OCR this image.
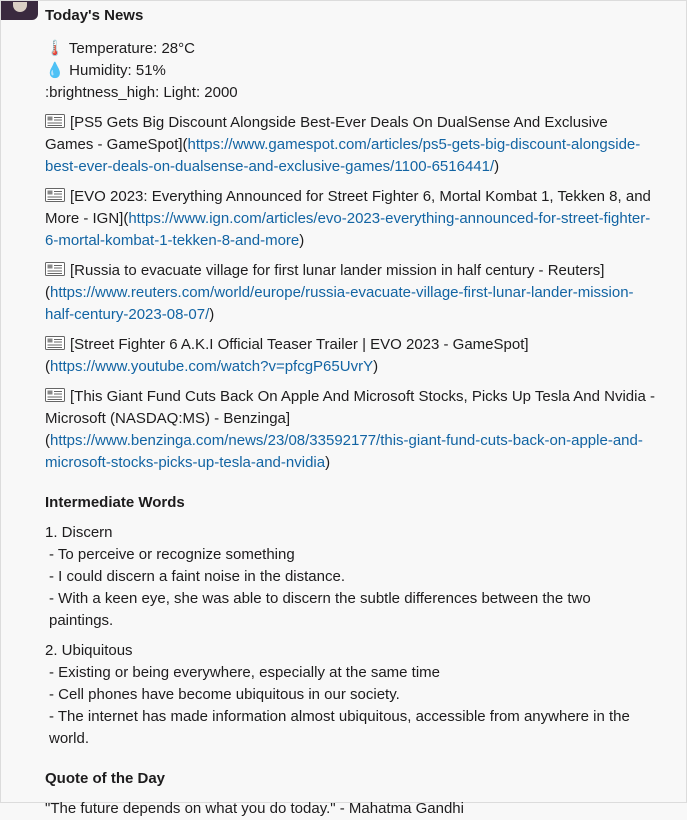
Today's News
🌡️ Temperature: 28°C
💧 Humidity: 51%
:brightness_high: Light: 2000
[PS5 Gets Big Discount Alongside Best-Ever Deals On DualSense And Exclusive Games - GameSpot](https://www.gamespot.com/articles/ps5-gets-big-discount-alongside-best-ever-deals-on-dualsense-and-exclusive-games/1100-6516441/)
[EVO 2023: Everything Announced for Street Fighter 6, Mortal Kombat 1, Tekken 8, and More - IGN](https://www.ign.com/articles/evo-2023-everything-announced-for-street-fighter-6-mortal-kombat-1-tekken-8-and-more)
[Russia to evacuate village for first lunar lander mission in half century - Reuters] (https://www.reuters.com/world/europe/russia-evacuate-village-first-lunar-lander-mission-half-century-2023-08-07/)
[Street Fighter 6 A.K.I Official Teaser Trailer | EVO 2023 - GameSpot] (https://www.youtube.com/watch?v=pfcgP65UvrY)
[This Giant Fund Cuts Back On Apple And Microsoft Stocks, Picks Up Tesla And Nvidia - Microsoft (NASDAQ:MS) - Benzinga] (https://www.benzinga.com/news/23/08/33592177/this-giant-fund-cuts-back-on-apple-and-microsoft-stocks-picks-up-tesla-and-nvidia)
Intermediate Words
1. Discern
- To perceive or recognize something
- I could discern a faint noise in the distance.
- With a keen eye, she was able to discern the subtle differences between the two paintings.
2. Ubiquitous
- Existing or being everywhere, especially at the same time
- Cell phones have become ubiquitous in our society.
- The internet has made information almost ubiquitous, accessible from anywhere in the world.
Quote of the Day
"The future depends on what you do today." - Mahatma Gandhi
